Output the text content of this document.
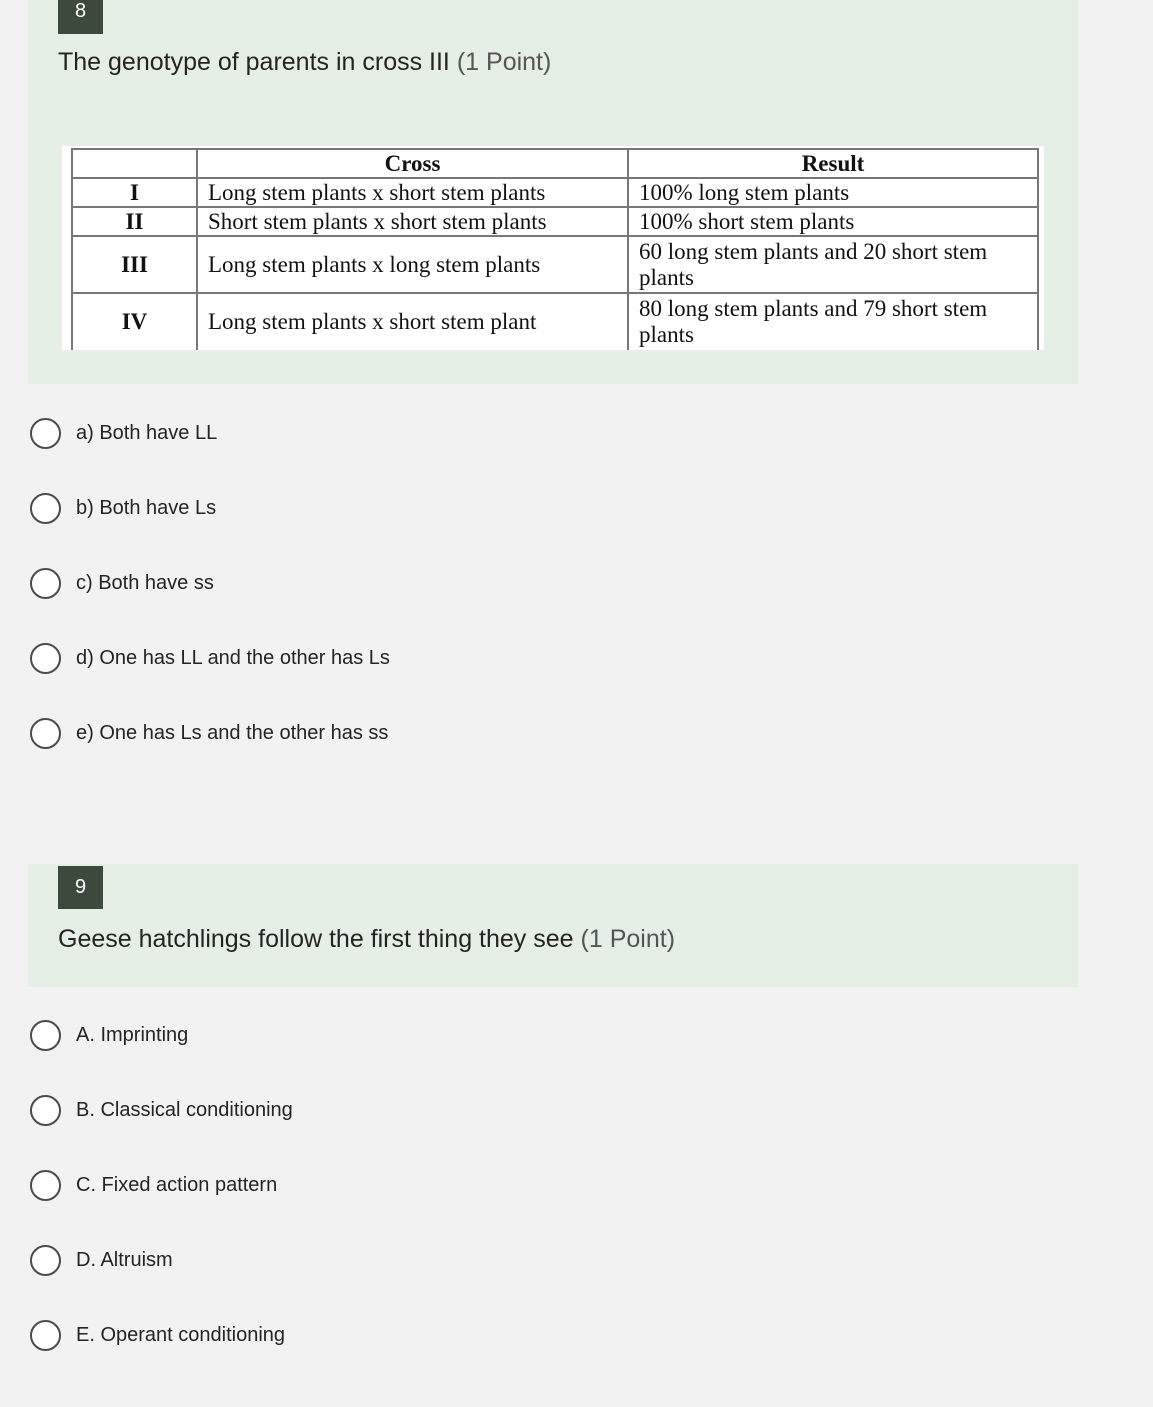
8
The genotype of parents in cross III (1 Point)
	Cross	Result
I	Long stem plants x short stem plants	100% long stem plants
II	Short stem plants x short stem plants	100% short stem plants
III	Long stem plants x long stem plants	60 long stem plants and 20 short stem plants
IV	Long stem plants x short stem plant	80 long stem plants and 79 short stem plants
a) Both have LL
b) Both have Ls
c) Both have ss
d) One has LL and the other has Ls
e) One has Ls and the other has ss
9
Geese hatchlings follow the first thing they see (1 Point)
A. Imprinting
B. Classical conditioning
C. Fixed action pattern
D. Altruism
E. Operant conditioning
